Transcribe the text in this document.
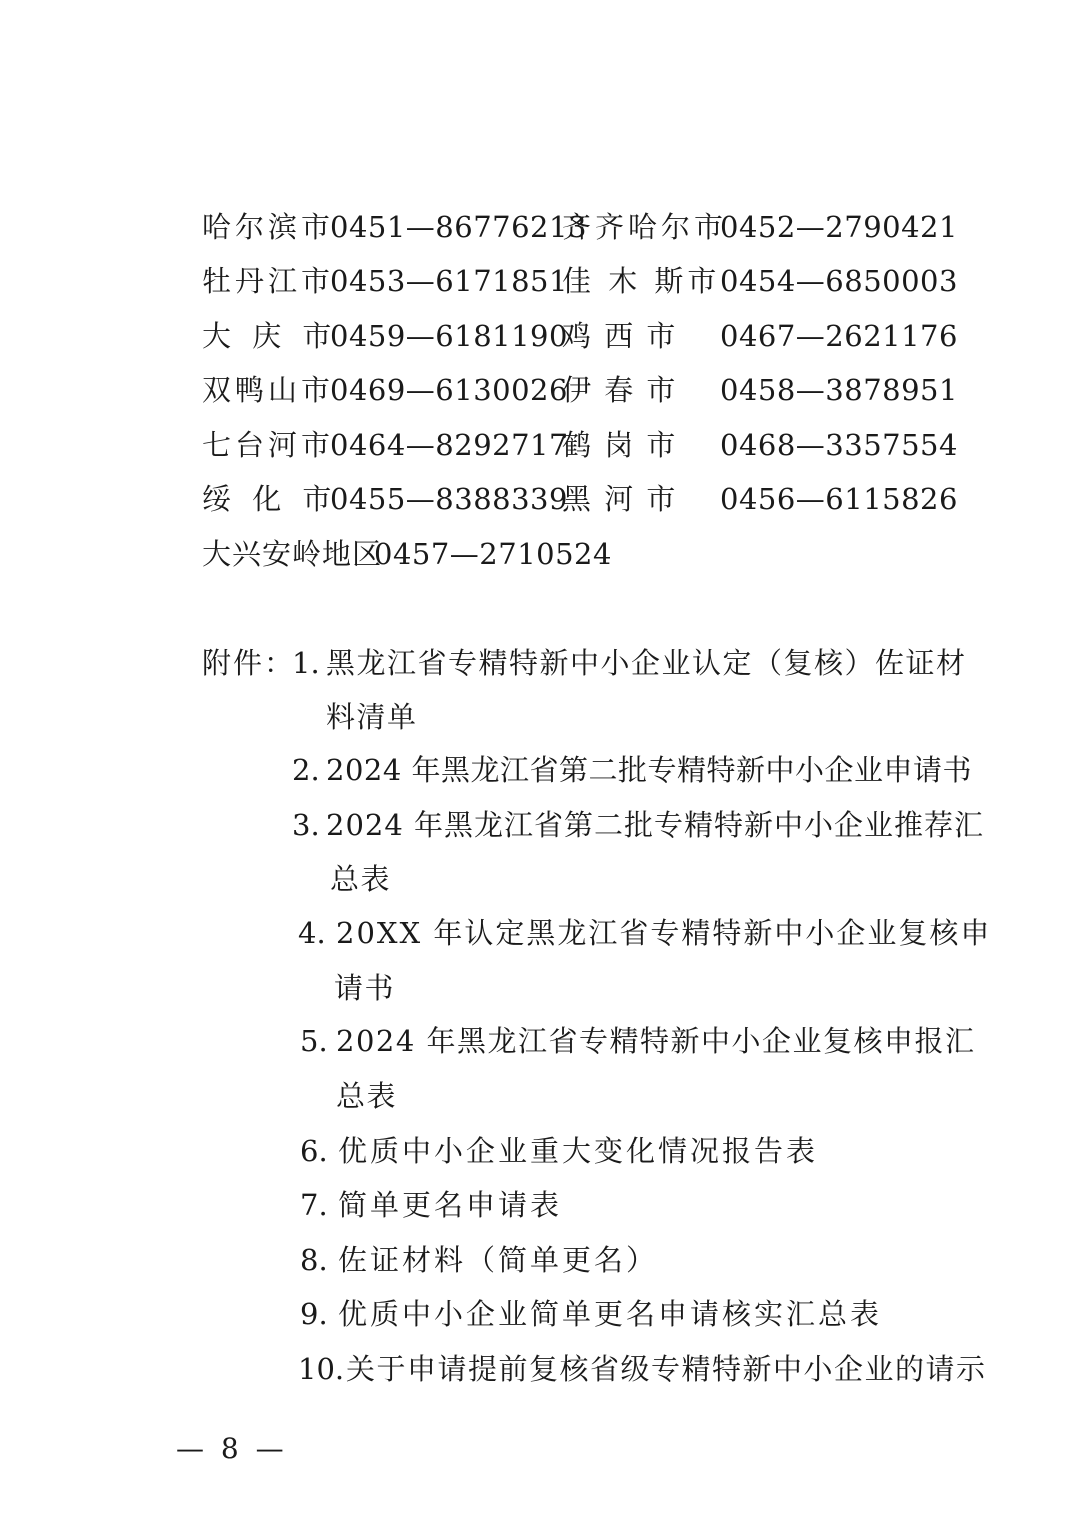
哈尔滨市
0451—86776213
齐齐哈尔市
0452—2790421
牡丹江市
0453—6171851
佳 木 斯市 0454—6850003
大 庆 市
0459—6181190
鸡 西 市 0467—2621176
双鸭山市
0469—6130026
伊 春 市 0458—3878951
七台河市
0464—8292717
鹤 岗 市 0468—3357554
绥 化 市
0455—8388339
黑 河 市 0456—6115826
大兴安岭地区
0457—2710524
附件：
1. 黑龙江省专精特新中小企业认定（复核）佐证材
料清单
2. 2024 年黑龙江省第二批专精特新中小企业申请书
3. 2024 年黑龙江省第二批专精特新中小企业推荐汇
总表
4. 20XX 年认定黑龙江省专精特新中小企业复核申
请书
5. 2024 年黑龙江省专精特新中小企业复核申报汇
总表
6. 优质中小企业重大变化情况报告表
7. 简单更名申请表
8. 佐证材料（简单更名）
9. 优质中小企业简单更名申请核实汇总表
10. 关于申请提前复核省级专精特新中小企业的请示
— 8 —
